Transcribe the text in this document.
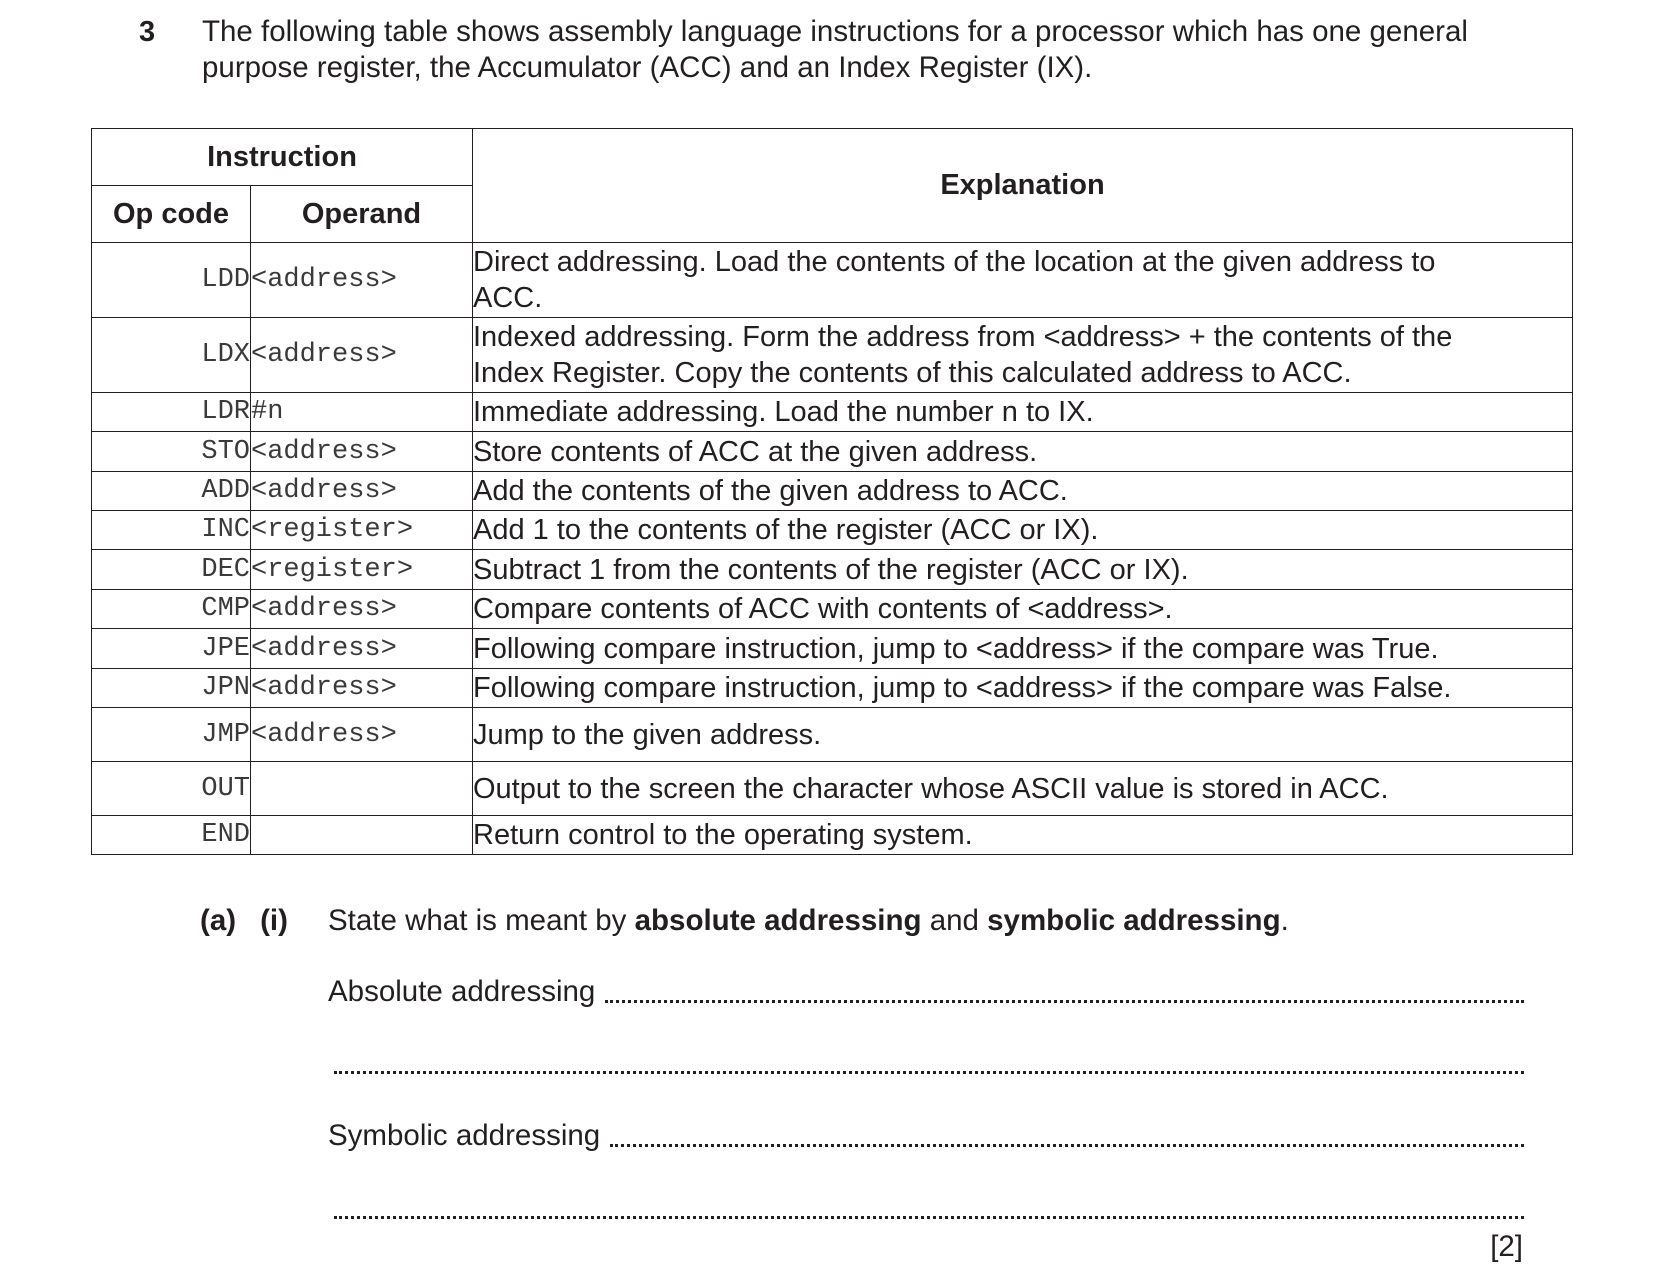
3 The following table shows assembly language instructions for a processor which has one general
purpose register, the Accumulator (ACC) and an Index Register (IX).
Instruction		Explanation
Op code	Operand	
LDD	<address>	Direct addressing. Load the contents of the location at the given address to
ACC.

LDX	<address>	Indexed addressing. Form the address from <address> + the contents of the
Index Register. Copy the contents of this calculated address to ACC.

LDR	#n	Immediate addressing. Load the number n to IX.

STO	<address>	Store contents of ACC at the given address.

ADD	<address>	Add the contents of the given address to ACC.

INC	<register>	Add 1 to the contents of the register (ACC or IX).

DEC	<register>	Subtract 1 from the contents of the register (ACC or IX).

CMP	<address>	Compare contents of ACC with contents of <address>.

JPE	<address>	Following compare instruction, jump to <address> if the compare was True.

JPN	<address>	Following compare instruction, jump to <address> if the compare was False.

JMP	<address>	Jump to the given address.

OUT		Output to the screen the character whose ASCII value is stored in ACC.

END		Return control to the operating system.
(a) (i) State what is meant by absolute addressing and symbolic addressing.
Absolute addressing
Symbolic addressing
[2]
